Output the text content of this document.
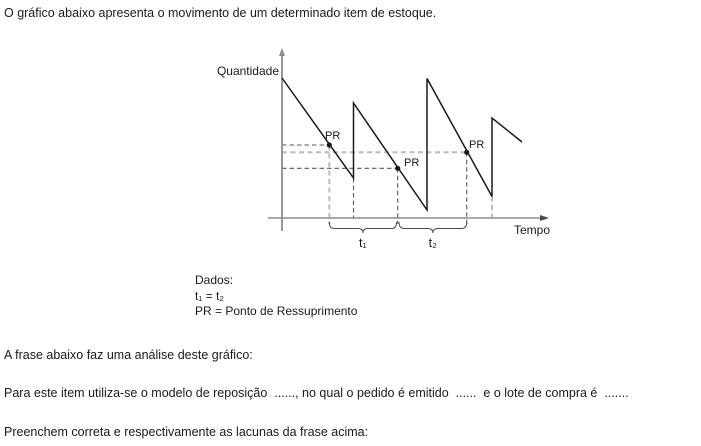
O gráfico abaixo apresenta o movimento de um determinado item de estoque.
PR
PR
PR
t₁	t₂
Quantidade
Tempo
Dados:
t₁ = t₂
PR = Ponto de Ressuprimento
A frase abaixo faz uma análise deste gráfico:
Para este item utiliza-se o modelo de reposição  ......, no qual o pedido é emitido  ......  e o lote de compra é  .......
Preenchem correta e respectivamente as lacunas da frase acima:
